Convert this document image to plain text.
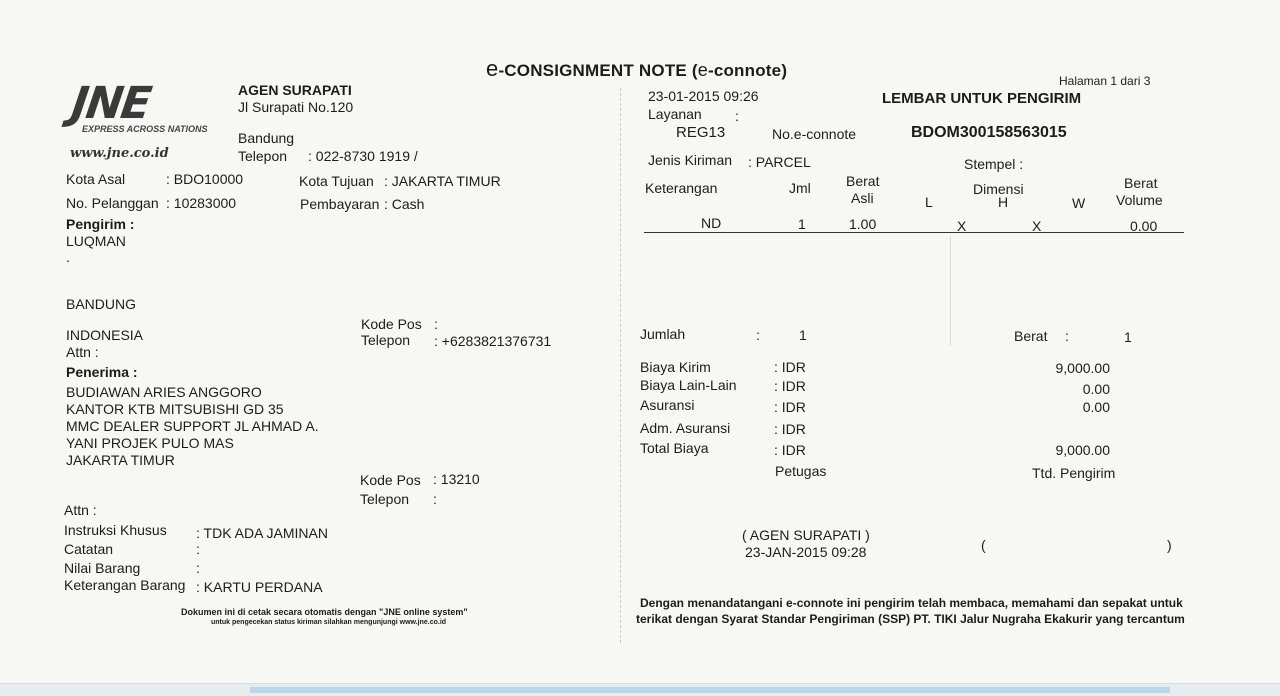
e-CONSIGNMENT NOTE (e-connote)
JNE
EXPRESS ACROSS NATIONS
www.jne.co.id
AGEN SURAPATI
Jl Surapati No.120
Bandung
Telepon : 022-8730 1919 /
Kota Asal	: BDO10000	Kota Tujuan : JAKARTA TIMUR
No. Pelanggan : 10283000	Pembayaran : Cash
Pengirim :
LUQMAN
.
BANDUNG
INDONESIA
Attn :
Kode Pos :
Telepon : +6283821376731
Penerima :
BUDIAWAN ARIES ANGGORO
KANTOR KTB MITSUBISHI GD 35
MMC DEALER SUPPORT JL AHMAD A.
YANI PROJEK PULO MAS
JAKARTA TIMUR
Kode Pos : 13210
Telepon :
Attn :
Instruksi Khusus : TDK ADA JAMINAN
Catatan	:
Nilai Barang	:
Keterangan Barang : KARTU PERDANA
Dokumen ini di cetak secara otomatis dengan "JNE online system"
untuk pengecekan status kiriman silahkan mengunjungi www.jne.co.id
Halaman 1 dari 3
23-01-2015 09:26	LEMBAR UNTUK PENGIRIM
Layanan :
REG13	No.e-connote	BDOM300158563015
Jenis Kiriman : PARCEL	Stempel :
Keterangan	Jml	Berat
Asli	L
Dimensi
H	W
Berat
Volume
ND	1	1.00	X	X	0.00
Jumlah	:	1	Berat :	1
Biaya Kirim	: IDR	9,000.00
Biaya Lain-Lain	: IDR	0.00
Asuransi	: IDR	0.00
Adm. Asuransi	: IDR
Total Biaya	: IDR	9,000.00
Petugas	Ttd. Pengirim
( AGEN SURAPATI )
23-JAN-2015 09:28	(	)
Dengan menandatangani e-connote ini pengirim telah membaca, memahami dan sepakat untuk
terikat dengan Syarat Standar Pengiriman (SSP) PT. TIKI Jalur Nugraha Ekakurir yang tercantum
